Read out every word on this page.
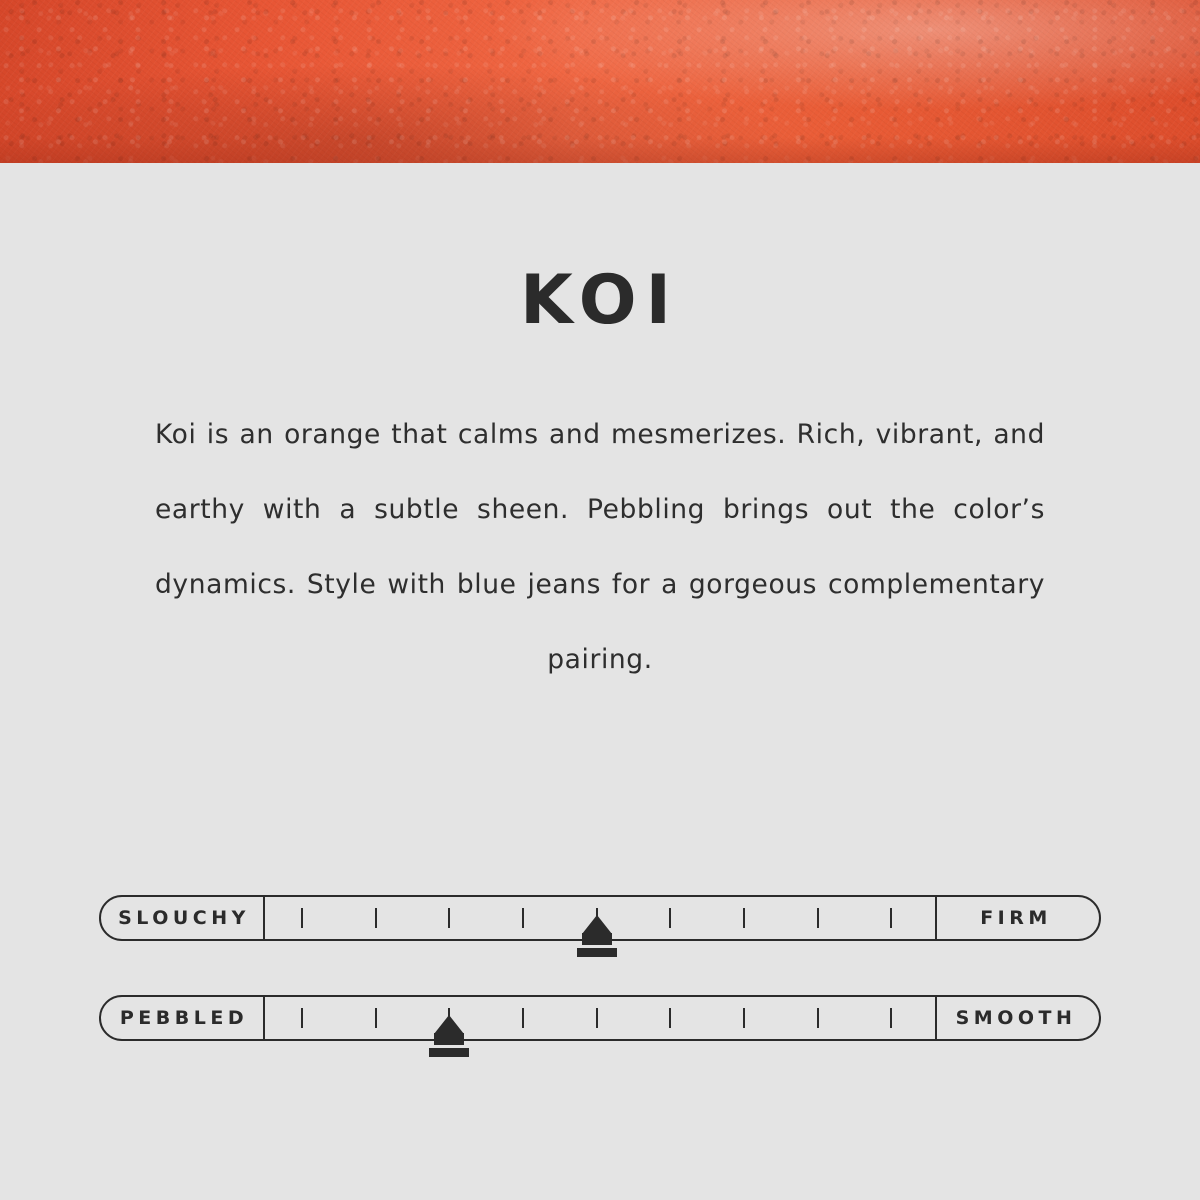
KOI

Koi is an orange that calms and mesmerizes. Rich, vibrant, and earthy with a subtle sheen. Pebbling brings out the color’s dynamics. Style with blue jeans for a gorgeous complementary pairing.

SLOUCHY	FIRM
PEBBLED	SMOOTH
